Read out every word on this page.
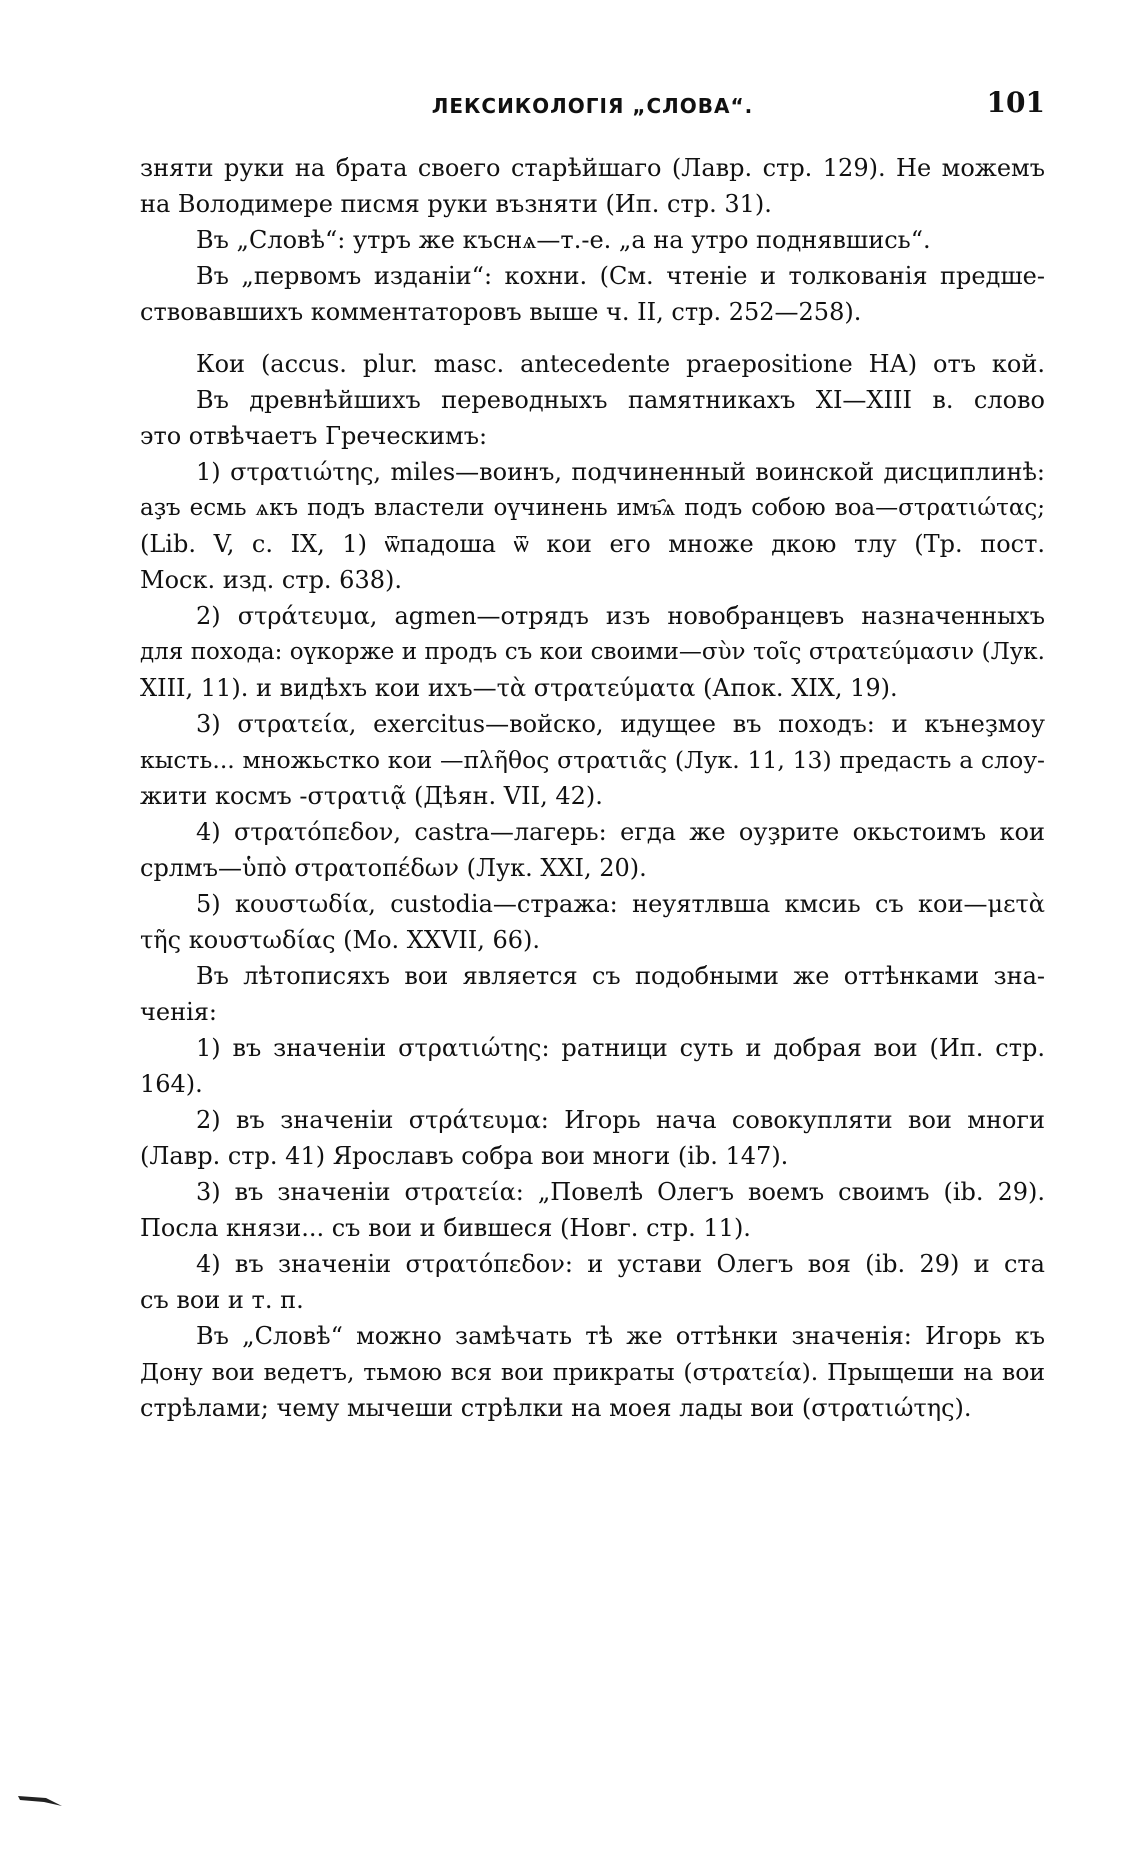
ЛЕКСИКОЛОГІЯ „СЛОВА“.	101
зняти руки на брата своего старѣйшаго (Лавр. стр. 129). Не можемъ
на Володимере писмя руки възняти (Ип. стр. 31).
Въ „Словѣ“: утръ же къснѧ—т.-е. „а на утро поднявшись“.
Въ „первомъ изданіи“: кохни. (См. чтеніе и толкованія предше-
ствовавшихъ комментаторовъ выше ч. II, стр. 252—258).
Кои (accus. plur. masc. antecedente praepositione НА) отъ кой.
Въ древнѣйшихъ переводныхъ памятникахъ XI—XIII в. слово
это отвѣчаетъ Греческимъ:
1) στρατιώτης, miles—воинъ, подчиненный воинской дисциплинѣ:
аҙъ есмь ѧкъ подъ властели оүчинень имъ҄ѧ подъ собою воа—στρατιώτας;
(Lib. V, с. IX, 1) ѿпадоша ѿ кои его множе дкою тлу (Тр. пост.
Моск. изд. стр. 638).
2) στράτευμα, agmen—отрядъ изъ новобранцевъ назначенныхъ
для похода: оүкорже и продъ съ кои своими—σὺν τοῖς στρατεύμασιν (Лук.
XIII, 11). и видѣхъ кои ихъ—τὰ στρατεύματα (Апок. XIX, 19).
3) στρατεία, exercitus—войско, идущее въ походъ: и кънеҙмоу
кысть... множьстко кои —πλῆθος στρατιᾶς (Лук. 11, 13) предасть а слоу-
жити космъ -στρατιᾷ (Дѣян. VII, 42).
4) στρατόπεδον, castra—лагерь: егда же оуҙрите окьстоимъ кои
срлмъ—ὑπὸ στρατοπέδων (Лук. XXI, 20).
5) κουστωδία, custodia—стража: неуятлвша кмсиь съ кои—μετὰ
τῆς κουστωδίας (Мо. XXVII, 66).
Въ лѣтописяхъ вои является съ подобными же оттѣнками зна-
ченія:
1) въ значеніи στρατιώτης: ратници суть и добрая вои (Ип. стр.
164).
2) въ значеніи στράτευμα: Игорь нача совокупляти вои многи
(Лавр. стр. 41) Ярославъ собра вои многи (ib. 147).
3) въ значеніи στρατεία: „Повелѣ Олегъ воемъ своимъ (ib. 29).
Посла князи... съ вои и бившеся (Новг. стр. 11).
4) въ значеніи στρατόπεδον: и устави Олегъ воя (ib. 29) и ста
съ вои и т. п.
Въ „Словѣ“ можно замѣчать тѣ же оттѣнки значенія: Игорь къ
Дону вои ведетъ, тьмою вся вои прикраты (στρατεία). Прыщеши на вои
стрѣлами; чему мычеши стрѣлки на моея лады вои (στρατιώτης).
